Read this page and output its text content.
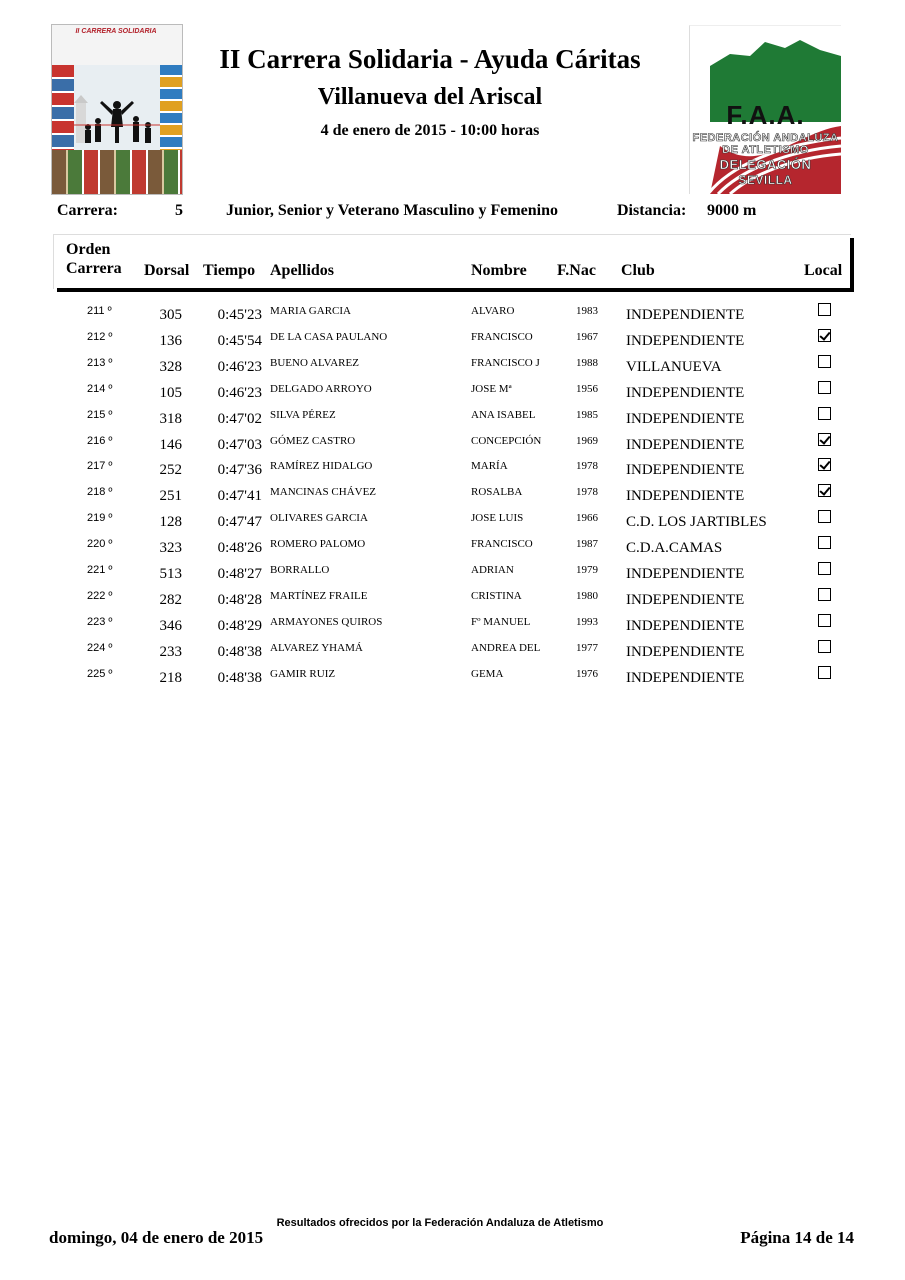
II CARRERA SOLIDARIA
II Carrera Solidaria - Ayuda Cáritas
Villanueva del Ariscal
4 de enero de 2015 - 10:00 horas
F.A.A.
FEDERACIÓN ANDALUZA
DE ATLETISMO
DELEGACIÓN
SEVILLA
Carrera:	5	Junior, Senior y Veterano Masculino y Femenino	Distancia: 9000 m
Orden
Carrera Dorsal Tiempo Apellidos	Nombre F.Nac Club	Local
211 º	305	0:45'23 MARIA GARCIA	ALVARO	1983 INDEPENDIENTE
212 º	136	0:45'54 DE LA CASA PAULANO	FRANCISCO	1967 INDEPENDIENTE
213 º	328	0:46'23 BUENO ALVAREZ	FRANCISCO J	1988 VILLANUEVA
214 º	105	0:46'23 DELGADO ARROYO	JOSE Mª	1956 INDEPENDIENTE
215 º	318	0:47'02 SILVA PÉREZ	ANA ISABEL	1985 INDEPENDIENTE
216 º	146	0:47'03 GÓMEZ CASTRO	CONCEPCIÓN	1969 INDEPENDIENTE
217 º	252	0:47'36 RAMÍREZ HIDALGO	MARÍA	1978 INDEPENDIENTE
218 º	251	0:47'41 MANCINAS CHÁVEZ	ROSALBA	1978 INDEPENDIENTE
219 º	128	0:47'47 OLIVARES GARCIA	JOSE LUIS	1966 C.D. LOS JARTIBLES
220 º	323	0:48'26 ROMERO PALOMO	FRANCISCO	1987 C.D.A.CAMAS
221 º	513	0:48'27 BORRALLO	ADRIAN	1979 INDEPENDIENTE
222 º	282	0:48'28 MARTÍNEZ FRAILE	CRISTINA	1980 INDEPENDIENTE
223 º	346	0:48'29 ARMAYONES QUIROS	Fº MANUEL	1993 INDEPENDIENTE
224 º	233	0:48'38 ALVAREZ YHAMÁ	ANDREA DEL	1977 INDEPENDIENTE
225 º	218	0:48'38 GAMIR RUIZ	GEMA	1976 INDEPENDIENTE
Resultados ofrecidos por la Federación Andaluza de Atletismo
domingo, 04 de enero de 2015	Página 14 de 14
